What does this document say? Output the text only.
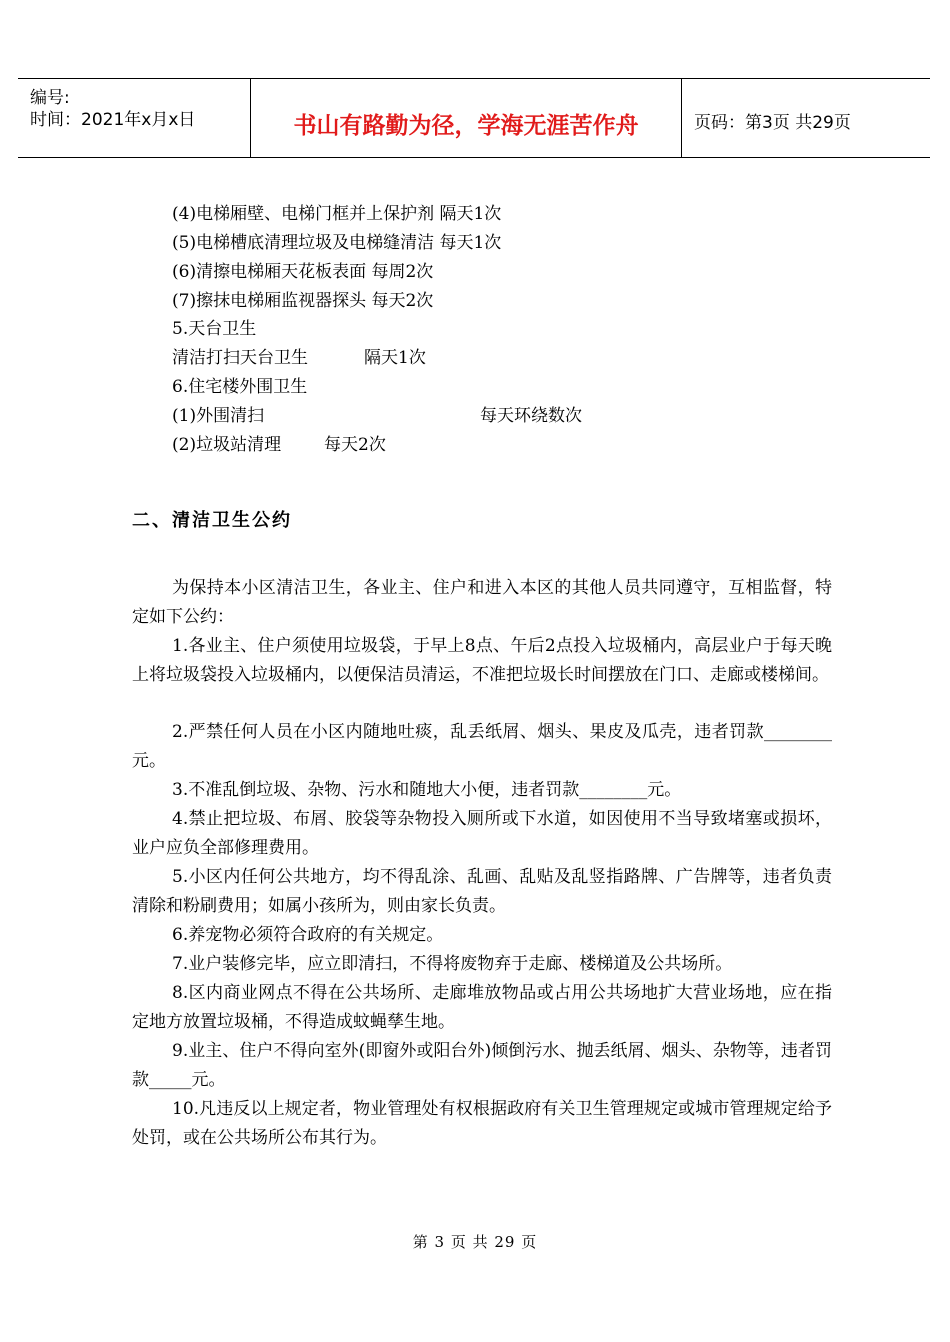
编号:
时间：2021年x月x日	书山有路勤为径，学海无涯苦作舟	页码：第3页 共29页
(4)电梯厢壁、电梯门框并上保护剂 隔天1次
(5)电梯槽底清理垃圾及电梯缝清洁 每天1次
(6)清擦电梯厢天花板表面 每周2次
(7)擦抹电梯厢监视器探头 每天2次
5.天台卫生
清洁打扫天台卫生	隔天1次
6.住宅楼外围卫生
(1)外围清扫	每天环绕数次
(2)垃圾站清理	每天2次
二、清洁卫生公约
为保持本小区清洁卫生，各业主、住户和进入本区的其他人员共同遵守，互相监督，特定如下公约：
1.各业主、住户须使用垃圾袋，于早上8点、午后2点投入垃圾桶内，高层业户于每天晚上将垃圾袋投入垃圾桶内，以便保洁员清运，不准把垃圾长时间摆放在门口、走廊或楼梯间。
2.严禁任何人员在小区内随地吐痰，乱丢纸屑、烟头、果皮及瓜壳，违者罚款________元。
3.不准乱倒垃圾、杂物、污水和随地大小便，违者罚款________元。
4.禁止把垃圾、布屑、胶袋等杂物投入厕所或下水道，如因使用不当导致堵塞或损坏，业户应负全部修理费用。
5.小区内任何公共地方，均不得乱涂、乱画、乱贴及乱竖指路牌、广告牌等，违者负责清除和粉刷费用；如属小孩所为，则由家长负责。
6.养宠物必须符合政府的有关规定。
7.业户装修完毕，应立即清扫，不得将废物弃于走廊、楼梯道及公共场所。
8.区内商业网点不得在公共场所、走廊堆放物品或占用公共场地扩大营业场地，应在指定地方放置垃圾桶，不得造成蚊蝇孳生地。
9.业主、住户不得向室外(即窗外或阳台外)倾倒污水、抛丢纸屑、烟头、杂物等，违者罚款_____元。
10.凡违反以上规定者，物业管理处有权根据政府有关卫生管理规定或城市管理规定给予处罚，或在公共场所公布其行为。
第 3 页 共 29 页
